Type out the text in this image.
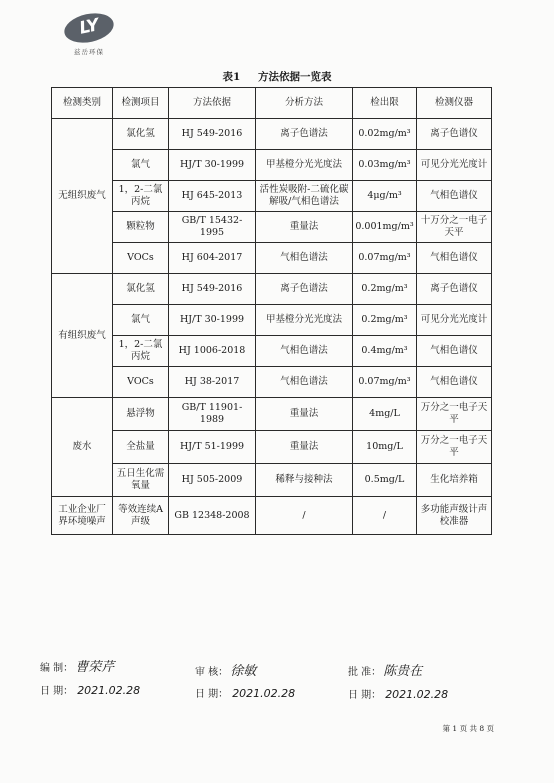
LY
兹岳环保
表1 方法依据一览表
检测类别	检测项目	方法依据	分析方法	检出限	检测仪器
无组织废气	氯化氢	HJ 549-2016	离子色谱法	0.02mg/m³	离子色谱仪
	氯气	HJ/T 30-1999	甲基橙分光光度法	0.03mg/m³	可见分光光度计
	1，2-二氯丙烷	HJ 645-2013	活性炭吸附-二硫化碳解吸/气相色谱法	4μg/m³	气相色谱仪
	颗粒物	GB/T 15432-1995	重量法	0.001mg/m³	十万分之一电子天平
	VOCs	HJ 604-2017	气相色谱法	0.07mg/m³	气相色谱仪
有组织废气	氯化氢	HJ 549-2016	离子色谱法	0.2mg/m³	离子色谱仪
	氯气	HJ/T 30-1999	甲基橙分光光度法	0.2mg/m³	可见分光光度计
	1，2-二氯丙烷	HJ 1006-2018	气相色谱法	0.4mg/m³	气相色谱仪
	VOCs	HJ 38-2017	气相色谱法	0.07mg/m³	气相色谱仪
废水	悬浮物	GB/T 11901-1989	重量法	4mg/L	万分之一电子天平
	全盐量	HJ/T 51-1999	重量法	10mg/L	万分之一电子天平
	五日生化需氧量	HJ 505-2009	稀释与接种法	0.5mg/L	生化培养箱
工业企业厂界环境噪声	等效连续A声级	GB 12348-2008	/	/	多功能声级计声校准器
编 制： 曹荣芹	审 核： 徐敏	批 准： 陈贵在
日 期： 2021.02.28	日 期： 2021.02.28	日 期： 2021.02.28
第 1 页 共 8 页
